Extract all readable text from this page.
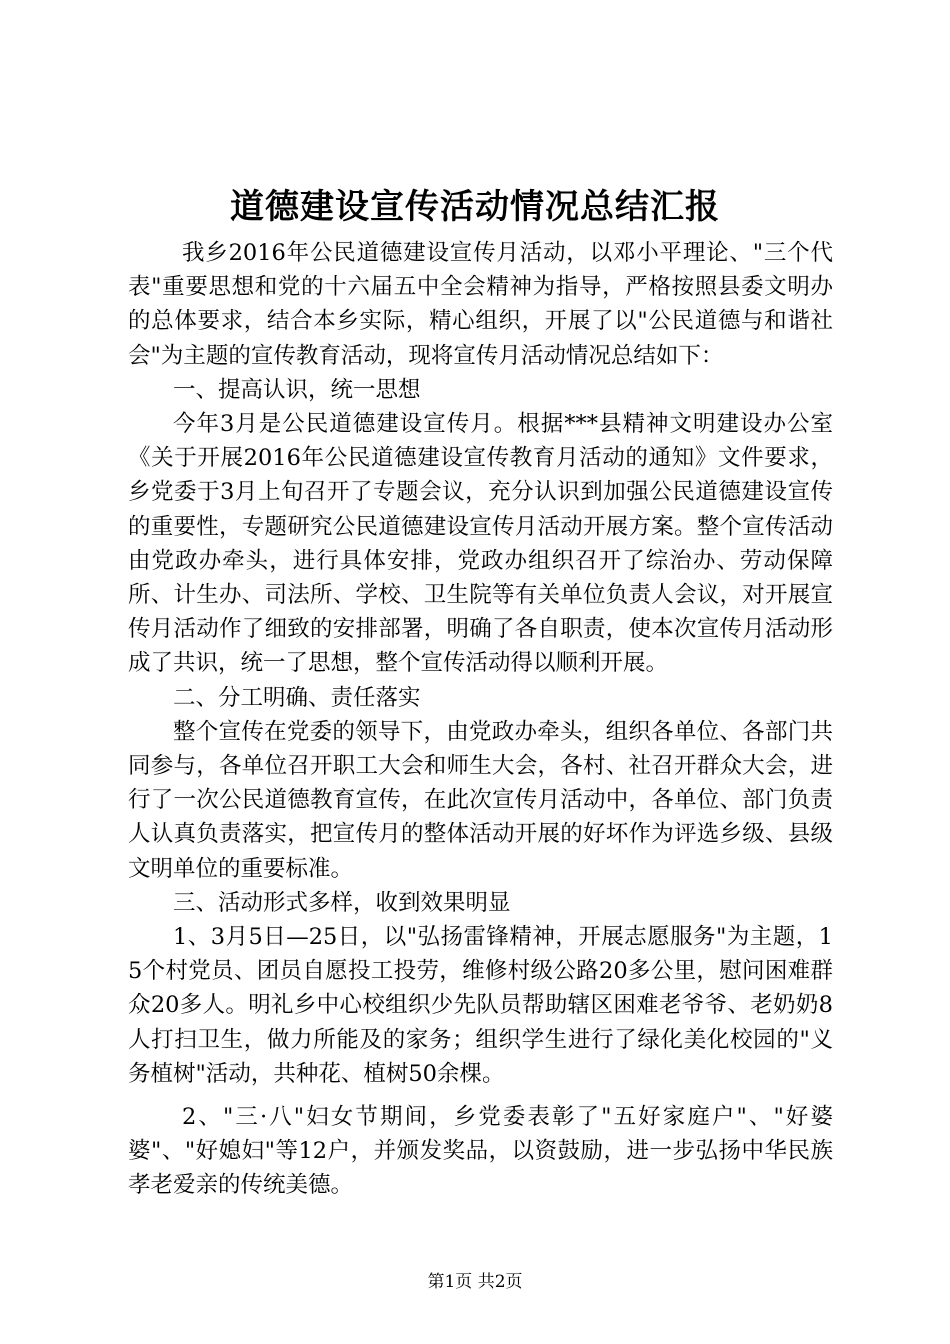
道德建设宣传活动情况总结汇报

我乡2016年公民道德建设宣传月活动，以邓小平理论、"三个代表"重要思想和党的十六届五中全会精神为指导，严格按照县委文明办的总体要求，结合本乡实际，精心组织，开展了以"公民道德与和谐社会"为主题的宣传教育活动，现将宣传月活动情况总结如下：

一、提高认识，统一思想

今年3月是公民道德建设宣传月。根据***县精神文明建设办公室《关于开展2016年公民道德建设宣传教育月活动的通知》文件要求，乡党委于3月上旬召开了专题会议，充分认识到加强公民道德建设宣传的重要性，专题研究公民道德建设宣传月活动开展方案。整个宣传活动由党政办牵头，进行具体安排，党政办组织召开了综治办、劳动保障所、计生办、司法所、学校、卫生院等有关单位负责人会议，对开展宣传月活动作了细致的安排部署，明确了各自职责，使本次宣传月活动形成了共识，统一了思想，整个宣传活动得以顺利开展。

二、分工明确、责任落实

整个宣传在党委的领导下，由党政办牵头，组织各单位、各部门共同参与，各单位召开职工大会和师生大会，各村、社召开群众大会，进行了一次公民道德教育宣传，在此次宣传月活动中，各单位、部门负责人认真负责落实，把宣传月的整体活动开展的好坏作为评选乡级、县级文明单位的重要标准。

三、活动形式多样，收到效果明显

1、3月5日—25日，以"弘扬雷锋精神，开展志愿服务"为主题，15个村党员、团员自愿投工投劳，维修村级公路20多公里，慰问困难群众20多人。明礼乡中心校组织少先队员帮助辖区困难老爷爷、老奶奶8人打扫卫生，做力所能及的家务；组织学生进行了绿化美化校园的"义务植树"活动，共种花、植树50余棵。

2、"三·八"妇女节期间，乡党委表彰了"五好家庭户"、"好婆婆"、"好媳妇"等12户，并颁发奖品，以资鼓励，进一步弘扬中华民族孝老爱亲的传统美德。

第1页 共2页
